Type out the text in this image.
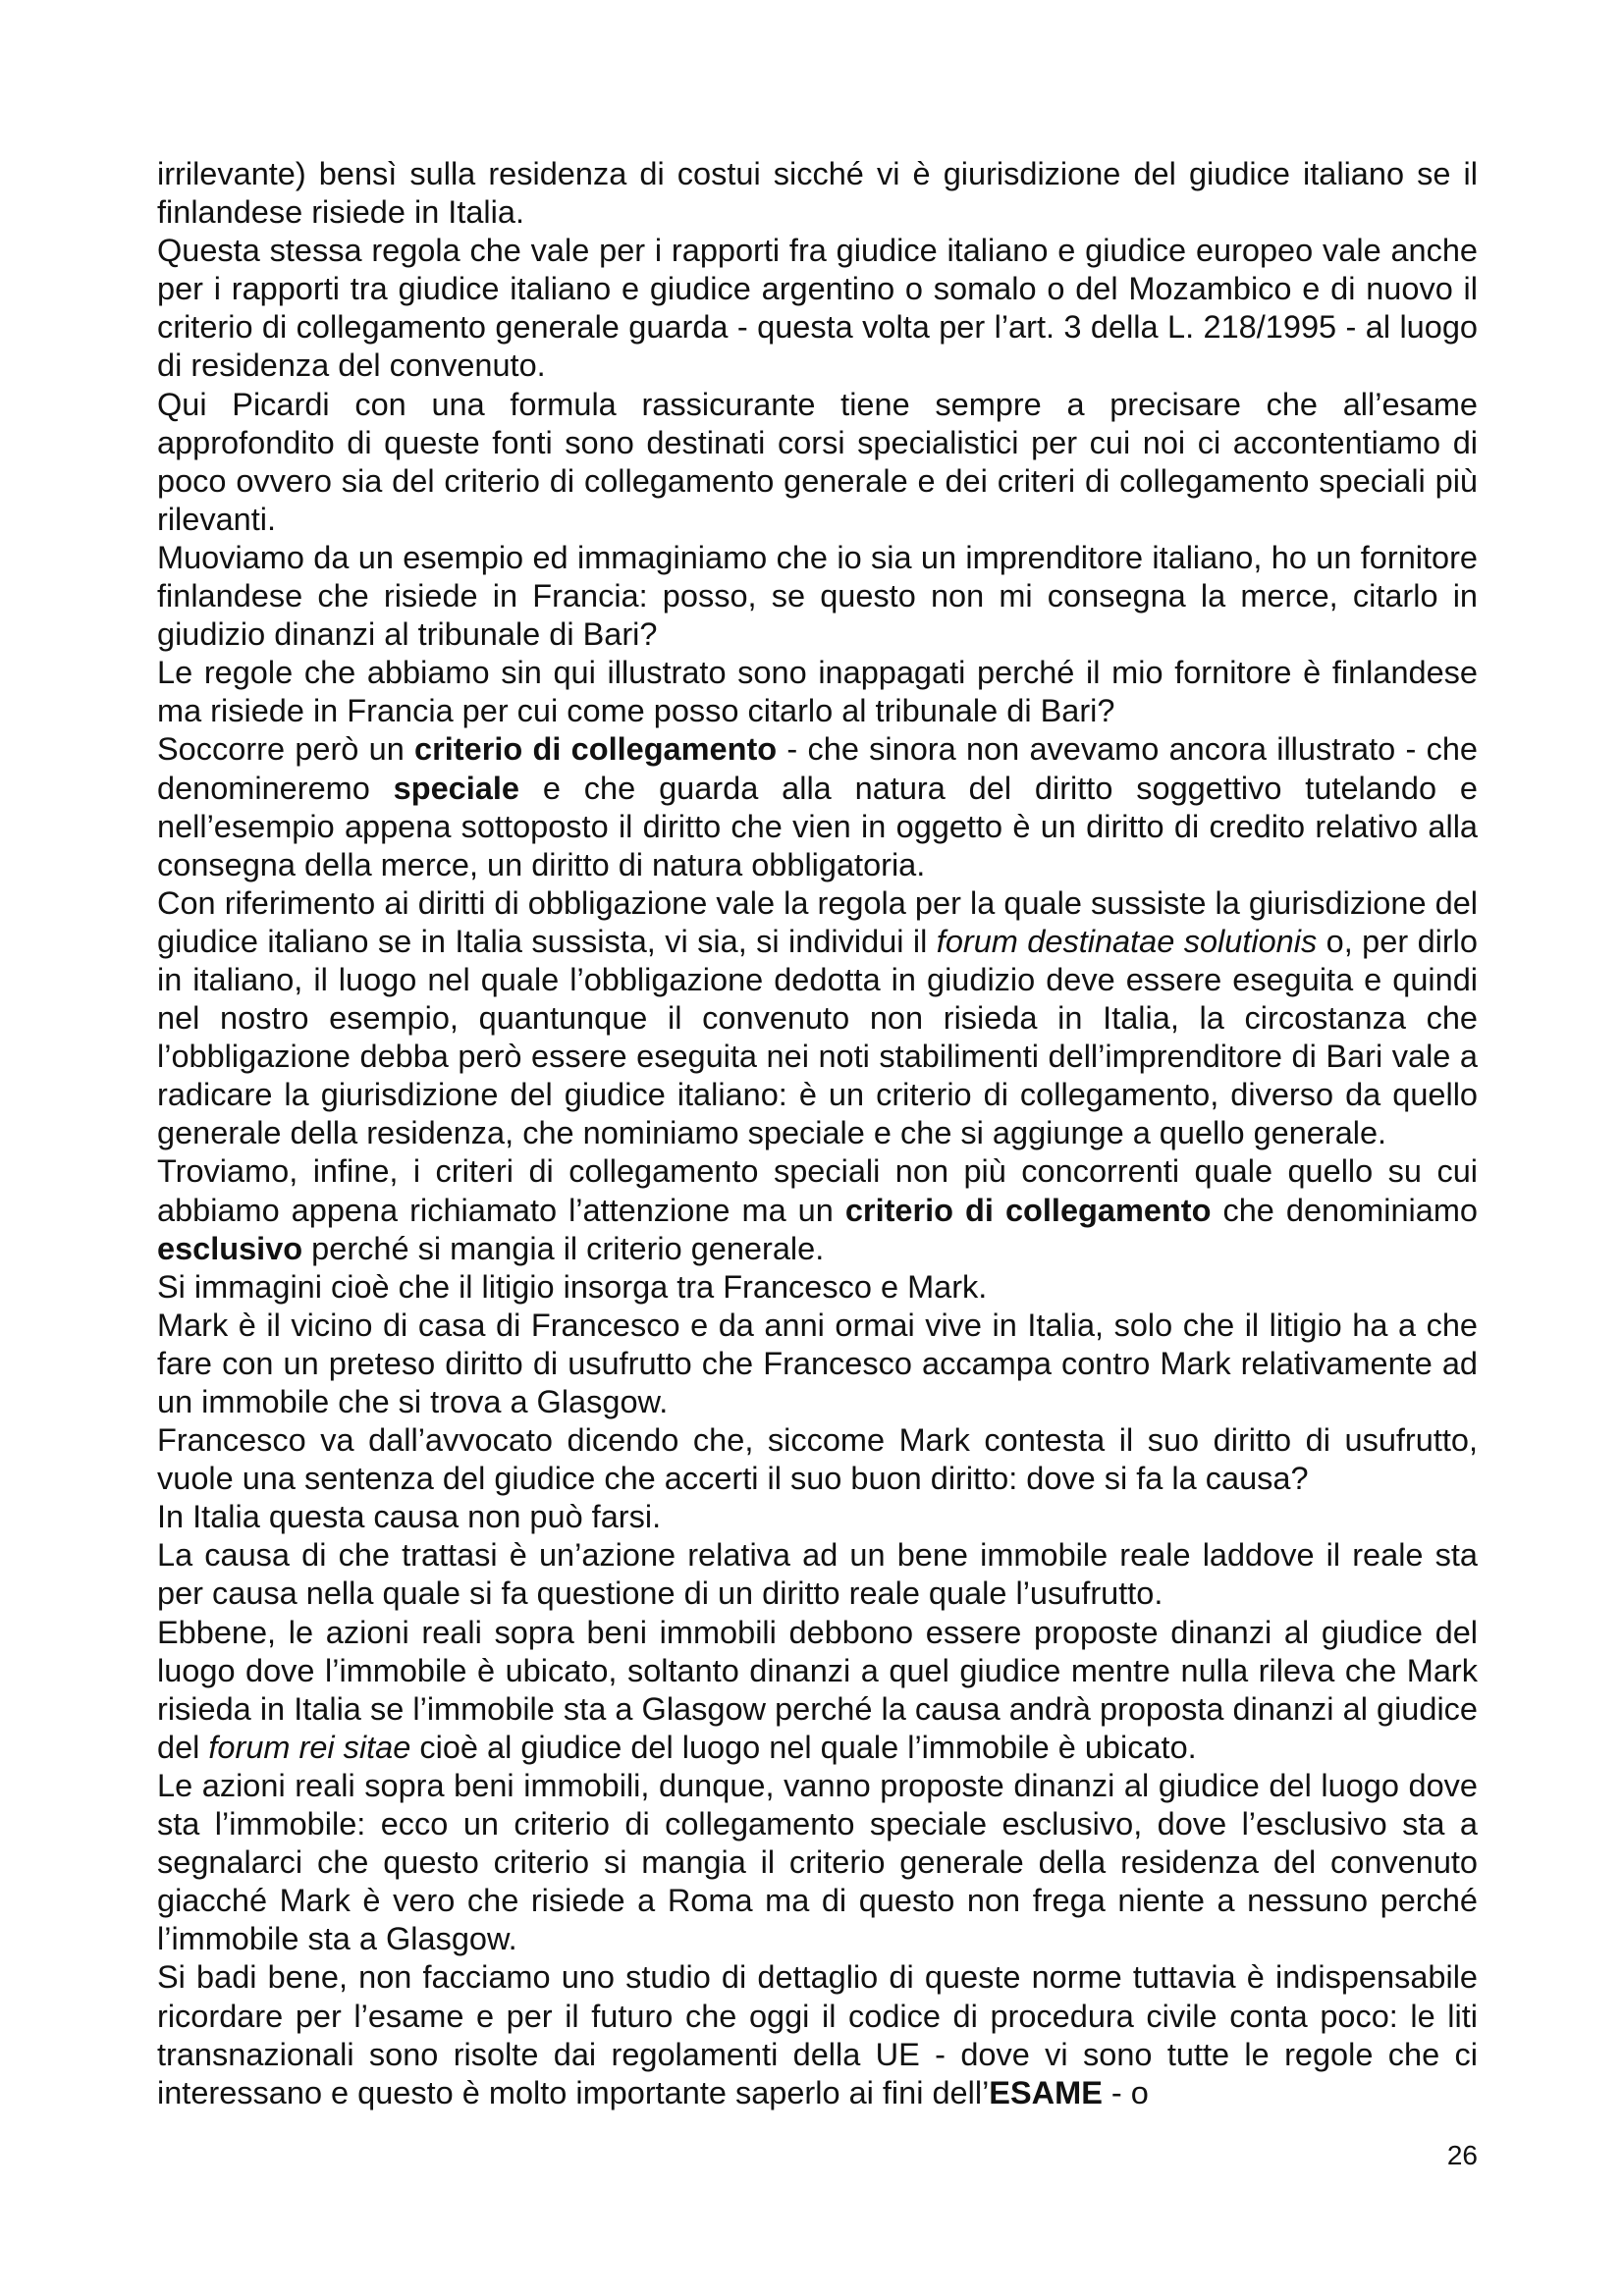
irrilevante) bensì sulla residenza di costui sicché vi è giurisdizione del giudice italiano se il finlandese risiede in Italia.

Questa stessa regola che vale per i rapporti fra giudice italiano e giudice europeo vale anche per i rapporti tra giudice italiano e giudice argentino o somalo o del Mozambico e di nuovo il criterio di collegamento generale guarda - questa volta per l’art. 3 della L. 218/1995 - al luogo di residenza del convenuto.

Qui Picardi con una formula rassicurante tiene sempre a precisare che all’esame approfondito di queste fonti sono destinati corsi specialistici per cui noi ci accontentiamo di poco ovvero sia del criterio di collegamento generale e dei criteri di collegamento speciali più rilevanti.

Muoviamo da un esempio ed immaginiamo che io sia un imprenditore italiano, ho un fornitore finlandese che risiede in Francia: posso, se questo non mi consegna la merce, citarlo in giudizio dinanzi al tribunale di Bari?

Le regole che abbiamo sin qui illustrato sono inappagati perché il mio fornitore è finlandese ma risiede in Francia per cui come posso citarlo al tribunale di Bari?

Soccorre però un criterio di collegamento - che sinora non avevamo ancora illustrato - che denomineremo speciale e che guarda alla natura del diritto soggettivo tutelando e nell’esempio appena sottoposto il diritto che vien in oggetto è un diritto di credito relativo alla consegna della merce, un diritto di natura obbligatoria.

Con riferimento ai diritti di obbligazione vale la regola per la quale sussiste la giurisdizione del giudice italiano se in Italia sussista, vi sia, si individui il forum destinatae solutionis o, per dirlo in italiano, il luogo nel quale l’obbligazione dedotta in giudizio deve essere eseguita e quindi nel nostro esempio, quantunque il convenuto non risieda in Italia, la circostanza che l’obbligazione debba però essere eseguita nei noti stabilimenti dell’imprenditore di Bari vale a radicare la giurisdizione del giudice italiano: è un criterio di collegamento, diverso da quello generale della residenza, che nominiamo speciale e che si aggiunge a quello generale.

Troviamo, infine, i criteri di collegamento speciali non più concorrenti quale quello su cui abbiamo appena richiamato l’attenzione ma un criterio di collegamento che denominiamo esclusivo perché si mangia il criterio generale.

Si immagini cioè che il litigio insorga tra Francesco e Mark.

Mark è il vicino di casa di Francesco e da anni ormai vive in Italia, solo che il litigio ha a che fare con un preteso diritto di usufrutto che Francesco accampa contro Mark relativamente ad un immobile che si trova a Glasgow.

Francesco va dall’avvocato dicendo che, siccome Mark contesta il suo diritto di usufrutto, vuole una sentenza del giudice che accerti il suo buon diritto: dove si fa la causa?

In Italia questa causa non può farsi.

La causa di che trattasi è un’azione relativa ad un bene immobile reale laddove il reale sta per causa nella quale si fa questione di un diritto reale quale l’usufrutto.

Ebbene, le azioni reali sopra beni immobili debbono essere proposte dinanzi al giudice del luogo dove l’immobile è ubicato, soltanto dinanzi a quel giudice mentre nulla rileva che Mark risieda in Italia se l’immobile sta a Glasgow perché la causa andrà proposta dinanzi al giudice del forum rei sitae cioè al giudice del luogo nel quale l’immobile è ubicato.

Le azioni reali sopra beni immobili, dunque, vanno proposte dinanzi al giudice del luogo dove sta l’immobile: ecco un criterio di collegamento speciale esclusivo, dove l’esclusivo sta a segnalarci che questo criterio si mangia il criterio generale della residenza del convenuto giacché Mark è vero che risiede a Roma ma di questo non frega niente a nessuno perché l’immobile sta a Glasgow.

Si badi bene, non facciamo uno studio di dettaglio di queste norme tuttavia è indispensabile ricordare per l’esame e per il futuro che oggi il codice di procedura civile conta poco: le liti transnazionali sono risolte dai regolamenti della UE - dove vi sono tutte le regole che ci interessano e questo è molto importante saperlo ai fini dell’ESAME - o

26
